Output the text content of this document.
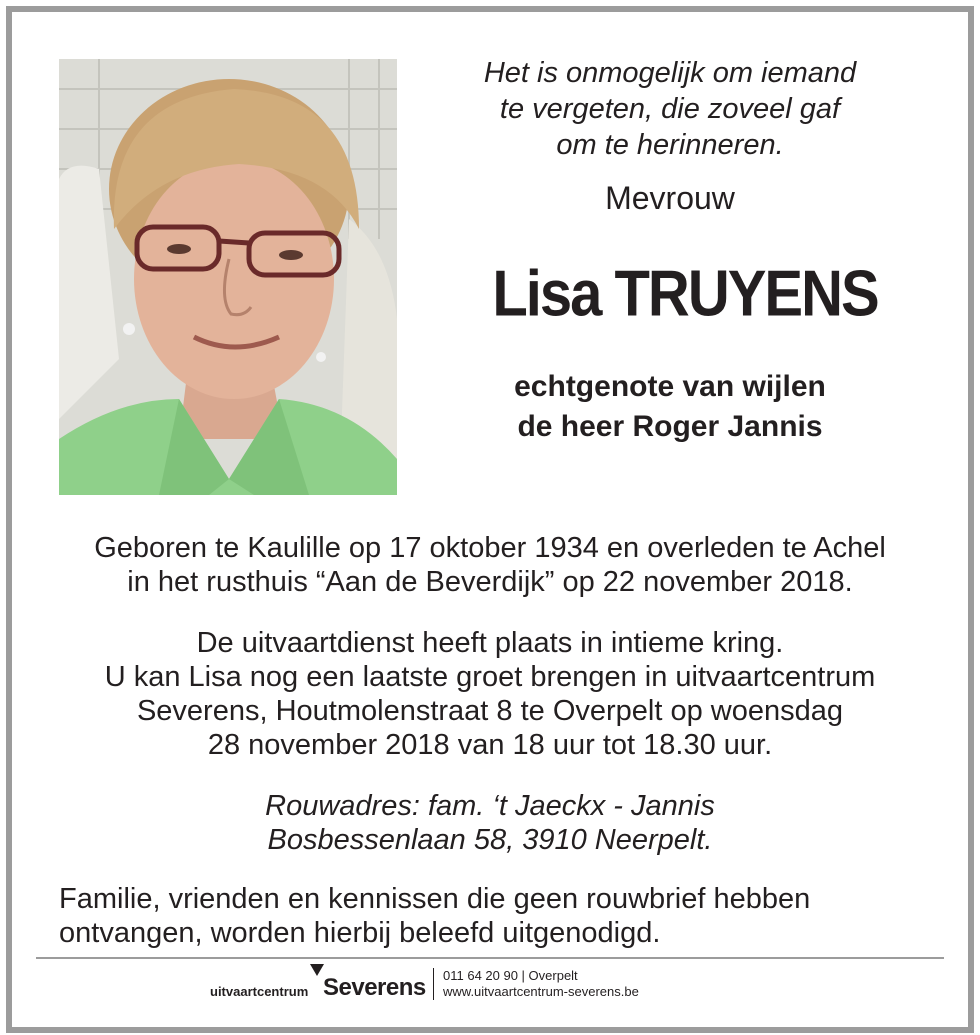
Het is onmogelijk om iemand
te vergeten, die zoveel gaf
om te herinneren.
Mevrouw
Lisa TRUYENS
echtgenote van wijlen
de heer Roger Jannis
Geboren te Kaulille op 17 oktober 1934 en overleden te Achel
in het rusthuis “Aan de Beverdijk” op 22 november 2018.
De uitvaartdienst heeft plaats in intieme kring.
U kan Lisa nog een laatste groet brengen in uitvaartcentrum
Severens, Houtmolenstraat 8 te Overpelt op woensdag
28 november 2018 van 18 uur tot 18.30 uur.
Rouwadres: fam. ‘t Jaeckx - Jannis
Bosbessenlaan 58, 3910 Neerpelt.
Familie, vrienden en kennissen die geen rouwbrief hebben
ontvangen, worden hierbij beleefd uitgenodigd.
uitvaartcentrum Severens 011 64 20 90 | Overpelt
www.uitvaartcentrum-severens.be
